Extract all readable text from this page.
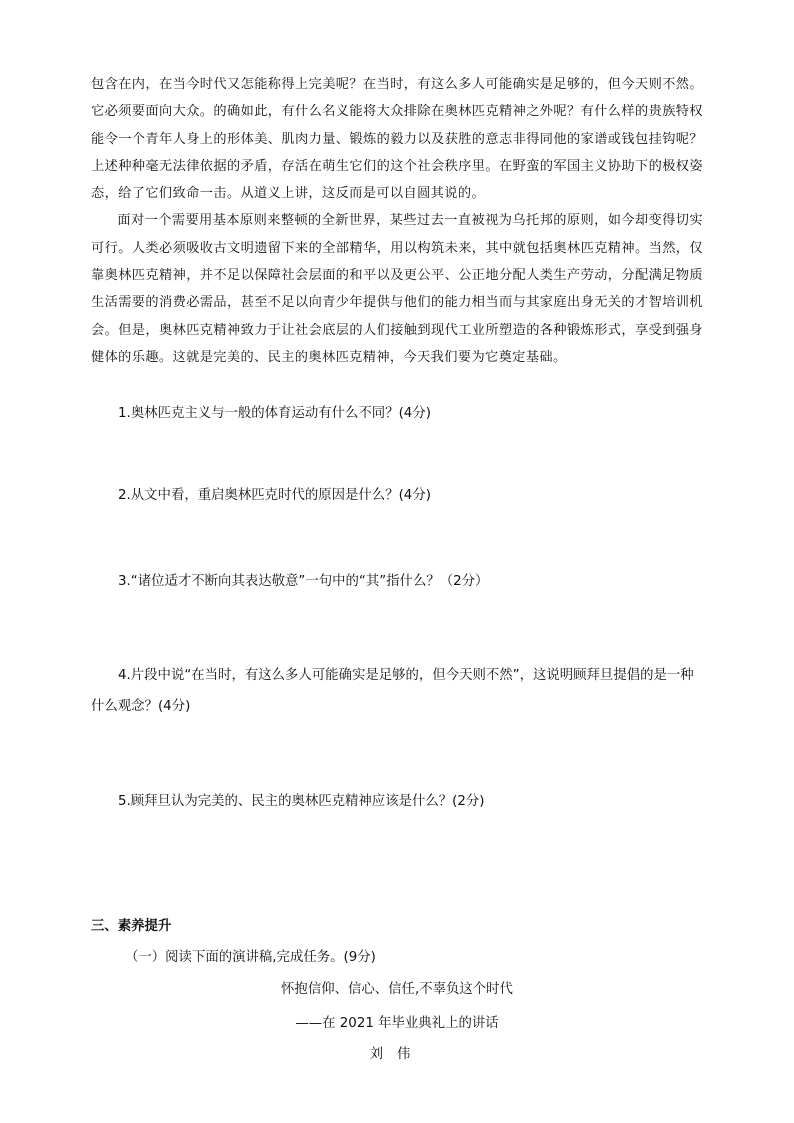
包含在内，在当今时代又怎能称得上完美呢？在当时，有这么多人可能确实是足够的，但今天则不然。它必须要面向大众。的确如此，有什么名义能将大众排除在奥林匹克精神之外呢？有什么样的贵族特权能令一个青年人身上的形体美、肌肉力量、锻炼的毅力以及获胜的意志非得同他的家谱或钱包挂钩呢？上述种种毫无法律依据的矛盾，存活在萌生它们的这个社会秩序里。在野蛮的军国主义协助下的极权姿态，给了它们致命一击。从道义上讲，这反而是可以自圆其说的。

面对一个需要用基本原则来整顿的全新世界，某些过去一直被视为乌托邦的原则，如今却变得切实可行。人类必须吸收古文明遗留下来的全部精华，用以构筑未来，其中就包括奥林匹克精神。当然，仅靠奥林匹克精神，并不足以保障社会层面的和平以及更公平、公正地分配人类生产劳动，分配满足物质生活需要的消费必需品，甚至不足以向青少年提供与他们的能力相当而与其家庭出身无关的才智培训机会。但是，奥林匹克精神致力于让社会底层的人们接触到现代工业所塑造的各种锻炼形式，享受到强身健体的乐趣。这就是完美的、民主的奥林匹克精神，今天我们要为它奠定基础。

1.奥林匹克主义与一般的体育运动有什么不同？(4分)
2.从文中看，重启奥林匹克时代的原因是什么？(4分)
3.“诸位适才不断向其表达敬意”一句中的“其”指什么？（2分）
4.片段中说“在当时，有这么多人可能确实是足够的，但今天则不然”，这说明顾拜旦提倡的是一种什么观念？(4分)
5.顾拜旦认为完美的、民主的奥林匹克精神应该是什么？(2分)
三、素养提升
（一）阅读下面的演讲稿,完成任务。(9分)
怀抱信仰、信心、信任,不辜负这个时代
——在 2021 年毕业典礼上的讲话
刘伟
